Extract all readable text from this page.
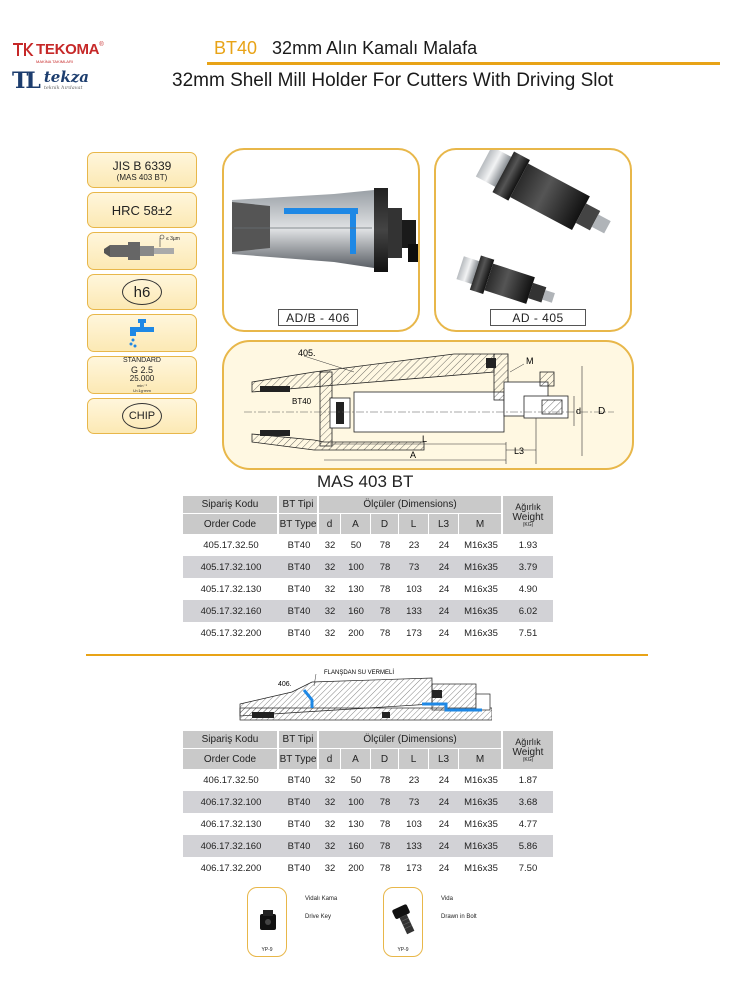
TEKOMA ®
MAKİNA TAKIMLARI
TL tekza
teknik hırdavat
BT40 32mm Alın Kamalı Malafa
32mm Shell Mill Holder For Cutters With Driving Slot
JIS B 6339
(MAS 403 BT)
HRC 58±2
≤ 3µm
h6
STANDARD
G 2.5
25.000
min⁻¹
U<1g·mm
CHIP
AD/B - 406	AD - 405
405.
BT40
M
d D
L
L3
A
MAS 403 BT
Sipariş Kodu	BT Tipi	Ölçüler (Dimensions)						Ağırlık
Weight
(KG)

Order Code	BT Type	d	A	D	L	L3	M	
405.17.32.50	BT40	32	50	78	23	24	M16x35	1.93
405.17.32.100	BT40	32	100	78	73	24	M16x35	3.79
405.17.32.130	BT40	32	130	78	103	24	M16x35	4.90
405.17.32.160	BT40	32	160	78	133	24	M16x35	6.02
405.17.32.200	BT40	32	200	78	173	24	M16x35	7.51
406.
FLANŞDAN SU VERMELİ
Sipariş Kodu	BT Tipi	Ölçüler (Dimensions)						Ağırlık
Weight
(KG)

Order Code	BT Type	d	A	D	L	L3	M	
406.17.32.50	BT40	32	50	78	23	24	M16x35	1.87
406.17.32.100	BT40	32	100	78	73	24	M16x35	3.68
406.17.32.130	BT40	32	130	78	103	24	M16x35	4.77
406.17.32.160	BT40	32	160	78	133	24	M16x35	5.86
406.17.32.200	BT40	32	200	78	173	24	M16x35	7.50
YP-9
Vidalı Kama
Drive Key
YP-9
Vida
Drawn in Bolt
